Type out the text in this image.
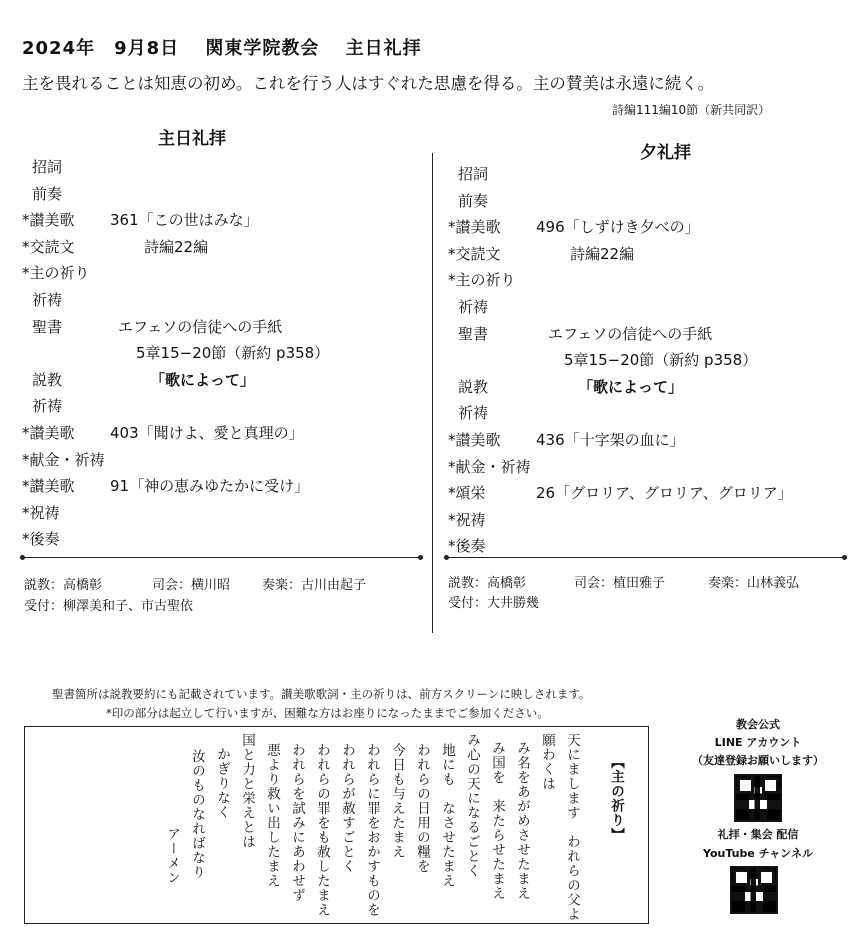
2024年　9月8日　 関東学院教会　 主日礼拝
主を畏れることは知恵の初め。これを行う人はすぐれた思慮を得る。主の賛美は永遠に続く。
詩編111編10節（新共同訳）
主日礼拝
招詞
前奏
*讃美歌 361「この世はみな」
*交読文	詩編22編
*主の祈り
祈祷
聖書	エフェソの信徒への手紙
5章15−20節（新約 p358）
説教	「歌によって」
祈祷
*讃美歌 403「聞けよ、愛と真理の」
*献金・祈祷
*讃美歌 91「神の恵みゆたかに受け」
*祝祷
*後奏
夕礼拝
招詞
前奏
*讃美歌 496「しずけき夕べの」
*交読文	詩編22編
*主の祈り
祈祷
聖書	エフェソの信徒への手紙
5章15−20節（新約 p358）
説教	「歌によって」
祈祷
*讃美歌 436「十字架の血に」
*献金・祈祷
*頌栄	26「グロリア、グロリア、グロリア」
*祝祷
*後奏
説教：高橋彰	司会：横川昭 奏楽：古川由起子
受付：柳澤美和子、市古聖依
説教：高橋彰	司会：植田雅子	奏楽：山林義弘
受付：大井勝幾
聖書箇所は説教要約にも記載されています。讃美歌歌詞・主の祈りは、前方スクリーンに映しされます。
*印の部分は起立して行いますが、困難な方はお座りになったままでご参加ください。
【主の祈り】
天にまします　われらの父よ
願わくは
み名をあがめさせたまえ
み国を　来たらせたまえ
み心の天になるごとく
地にも　なさせたまえ
われらの日用の糧を
今日も与えたまえ
われらに罪をおかすものを
われらが赦すごとく
われらの罪をも赦したまえ
われらを試みにあわせず
悪より救い出したまえ
国と力と栄えとは
かぎりなく
汝のものなればなり
アーメン
教会公式
LINE アカウント
（友達登録お願いします）
礼拝・集会 配信
YouTube チャンネル
